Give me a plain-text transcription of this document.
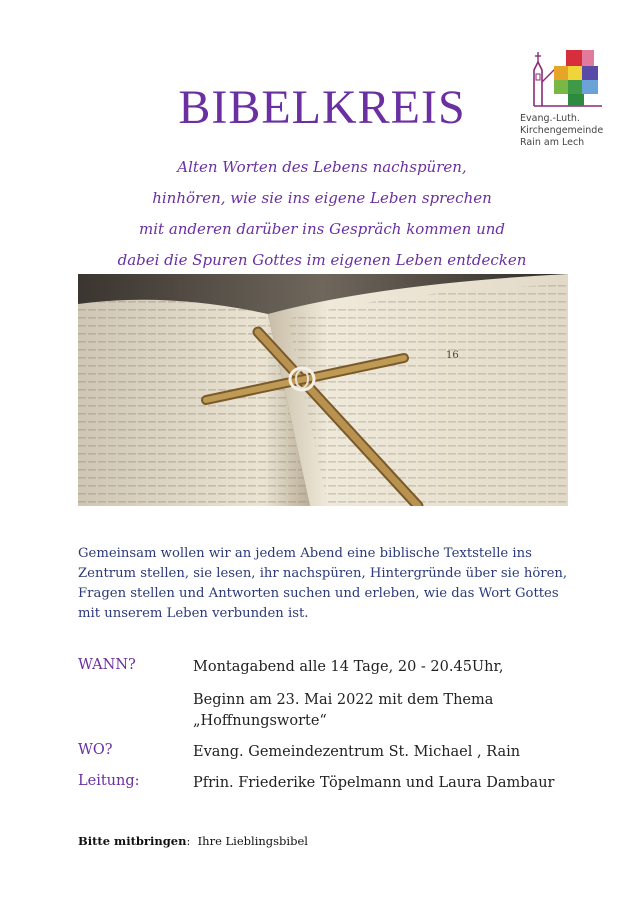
BIBELKREIS	Evang.-Luth.
Kirchengemeinde
Rain am Lech
Alten Worten des Lebens nachspüren,
hinhören, wie sie ins eigene Leben sprechen
mit anderen darüber ins Gespräch kommen und
dabei die Spuren Gottes im eigenen Leben entdecken
16
Gemeinsam wollen wir an jedem Abend eine biblische Textstelle ins Zentrum stellen, sie lesen, ihr nachspüren, Hintergründe über sie hören, Fragen stellen und Antworten suchen und erleben, wie das Wort Gottes mit unserem Leben verbunden ist.
WANN?	Montagabend alle 14 Tage, 20 - 20.45Uhr,
Beginn am 23. Mai 2022 mit dem Thema
„Hoffnungsworte“
WO?	Evang. Gemeindezentrum St. Michael , Rain
Leitung:	Pfrin. Friederike Töpelmann und Laura Dambaur
Bitte mitbringen:  Ihre Lieblingsbibel
